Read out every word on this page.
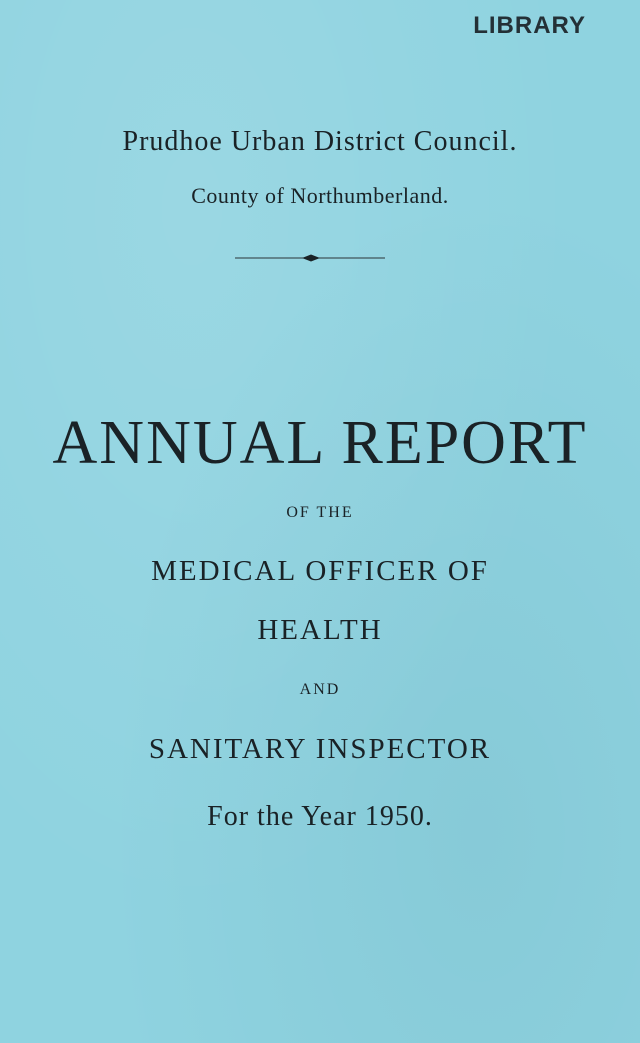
LIBRARY
Prudhoe Urban District Council.
County of Northumberland.
ANNUAL REPORT
OF THE
MEDICAL OFFICER OF
HEALTH
AND
SANITARY INSPECTOR
For the Year 1950.
